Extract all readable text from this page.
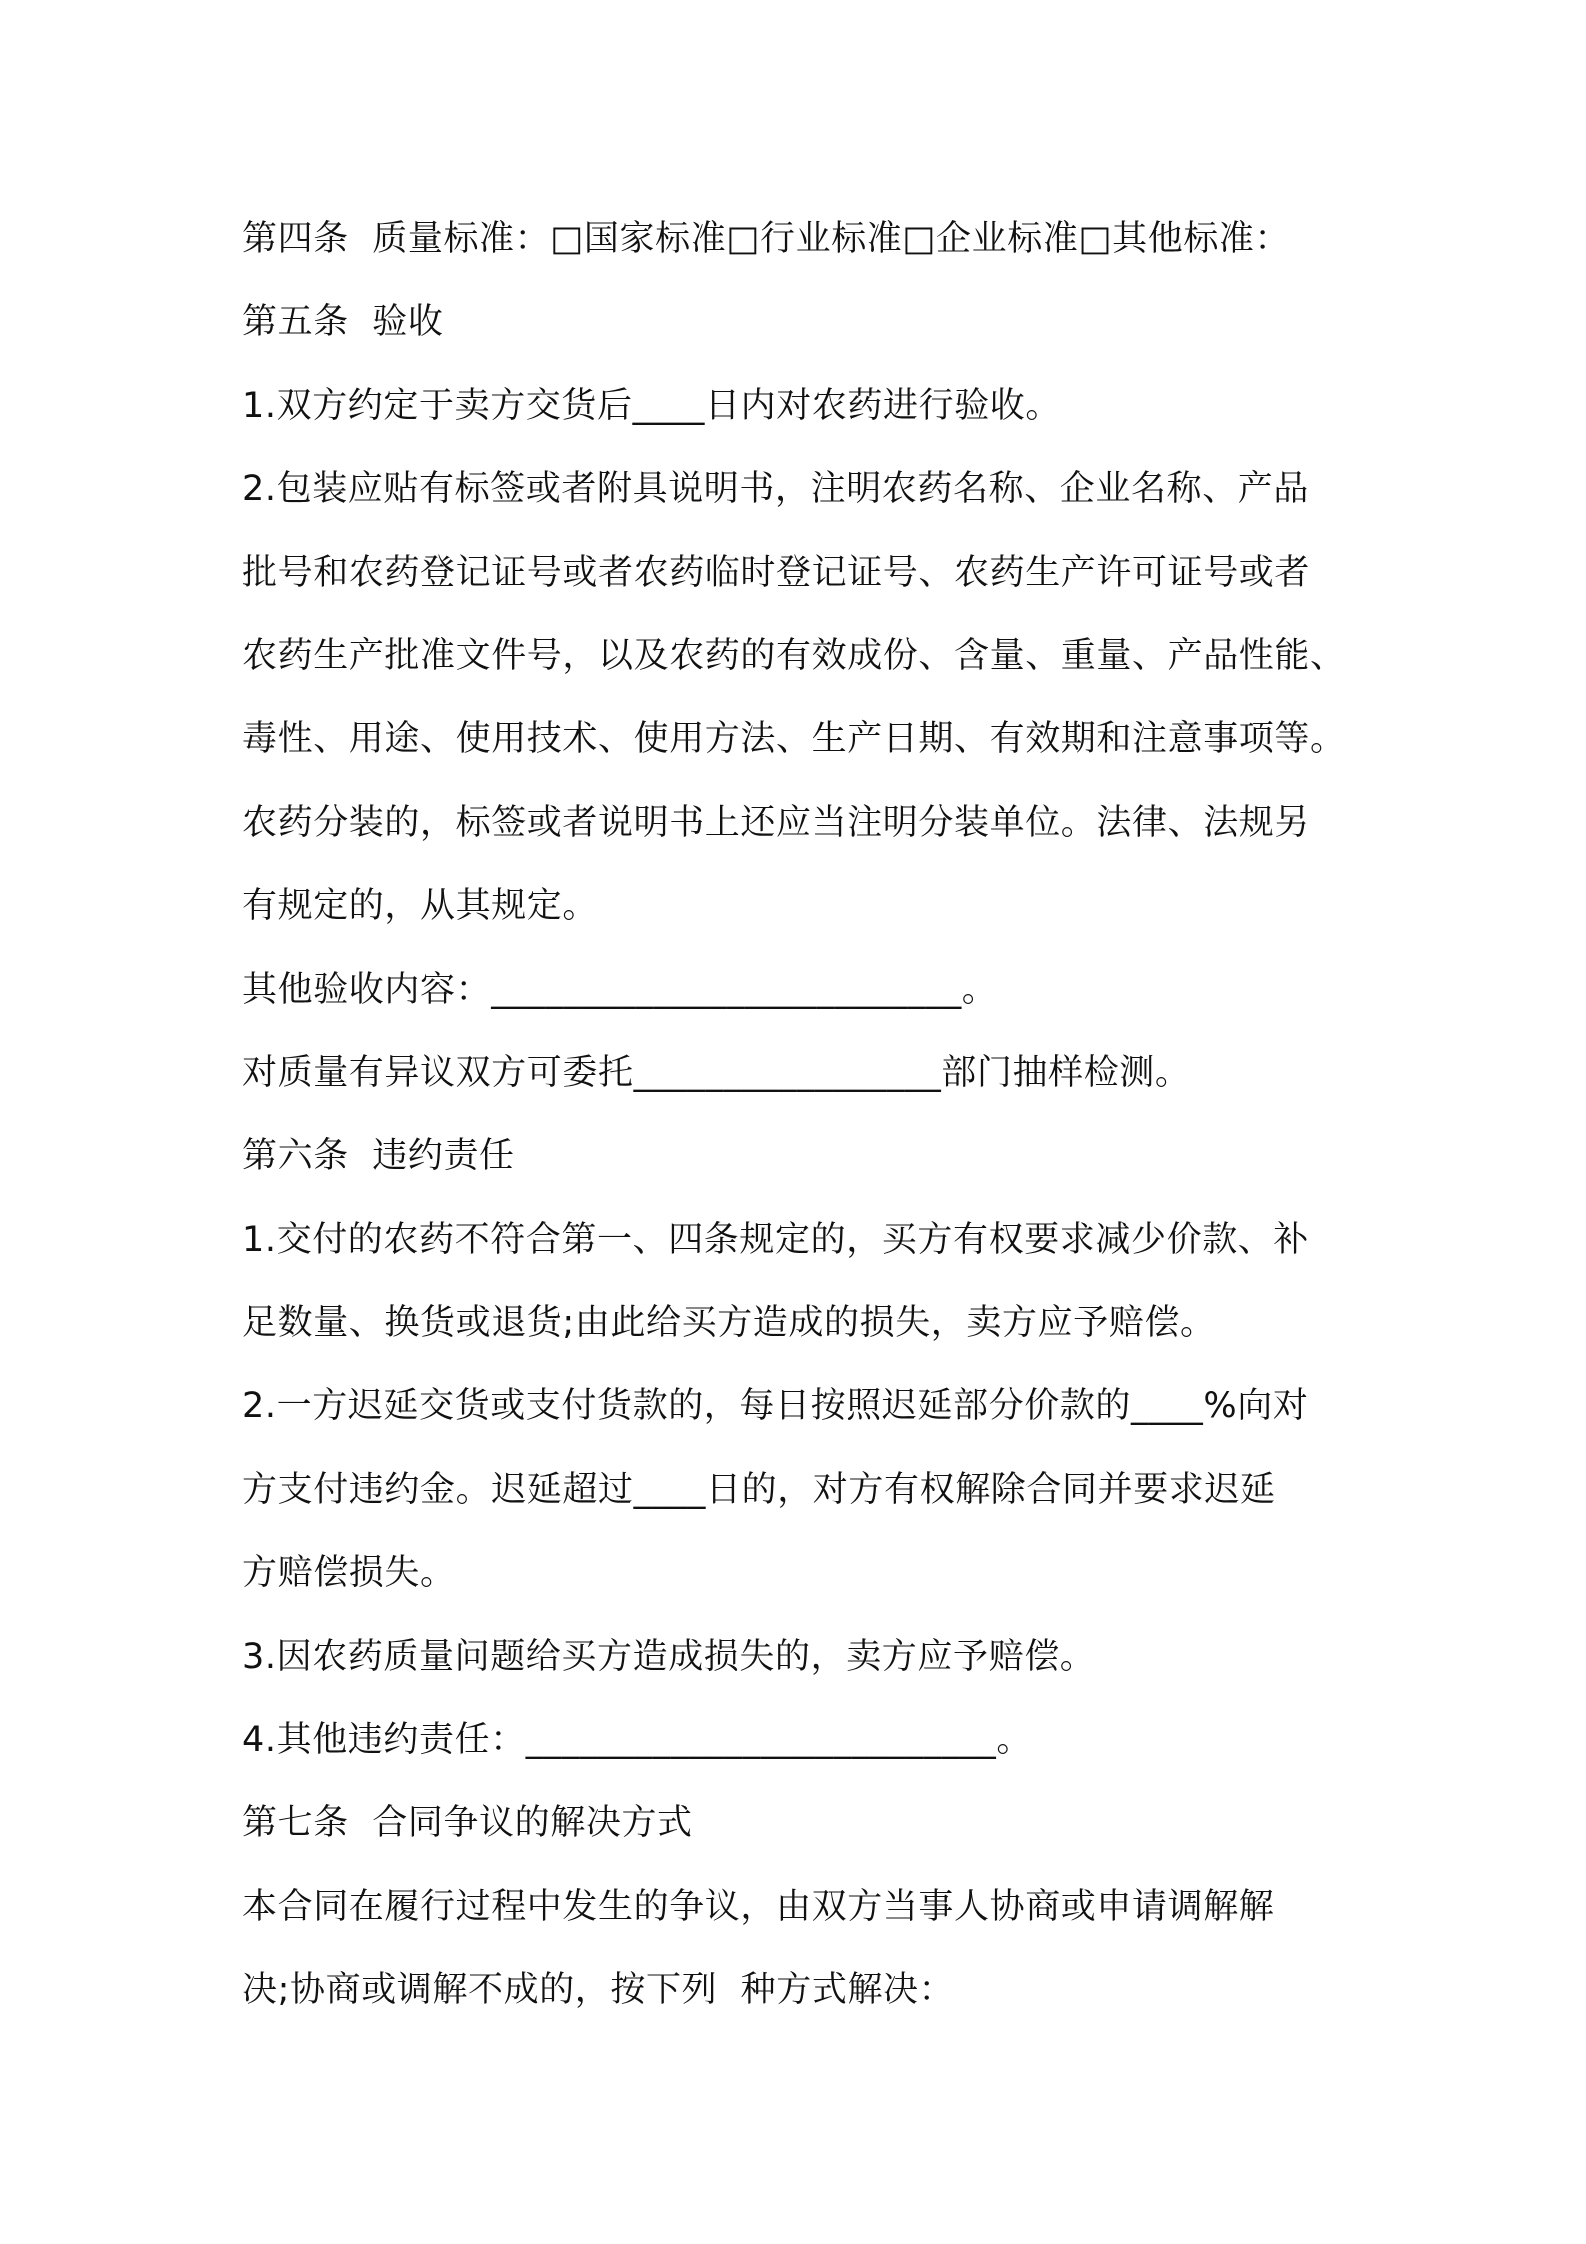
第四条  质量标准：□国家标准□行业标准□企业标准□其他标准：
第五条  验收
1.双方约定于卖方交货后____日内对农药进行验收。
2.包装应贴有标签或者附具说明书，注明农药名称、企业名称、产品
批号和农药登记证号或者农药临时登记证号、农药生产许可证号或者
农药生产批准文件号，以及农药的有效成份、含量、重量、产品性能、
毒性、用途、使用技术、使用方法、生产日期、有效期和注意事项等。
农药分装的，标签或者说明书上还应当注明分装单位。法律、法规另
有规定的，从其规定。
其他验收内容：__________________________。
对质量有异议双方可委托_________________部门抽样检测。
第六条  违约责任
1.交付的农药不符合第一、四条规定的，买方有权要求减少价款、补
足数量、换货或退货;由此给买方造成的损失，卖方应予赔偿。
2.一方迟延交货或支付货款的，每日按照迟延部分价款的____%向对
方支付违约金。迟延超过____日的，对方有权解除合同并要求迟延
方赔偿损失。
3.因农药质量问题给买方造成损失的，卖方应予赔偿。
4.其他违约责任：__________________________。
第七条  合同争议的解决方式
本合同在履行过程中发生的争议，由双方当事人协商或申请调解解
决;协商或调解不成的，按下列  种方式解决：
